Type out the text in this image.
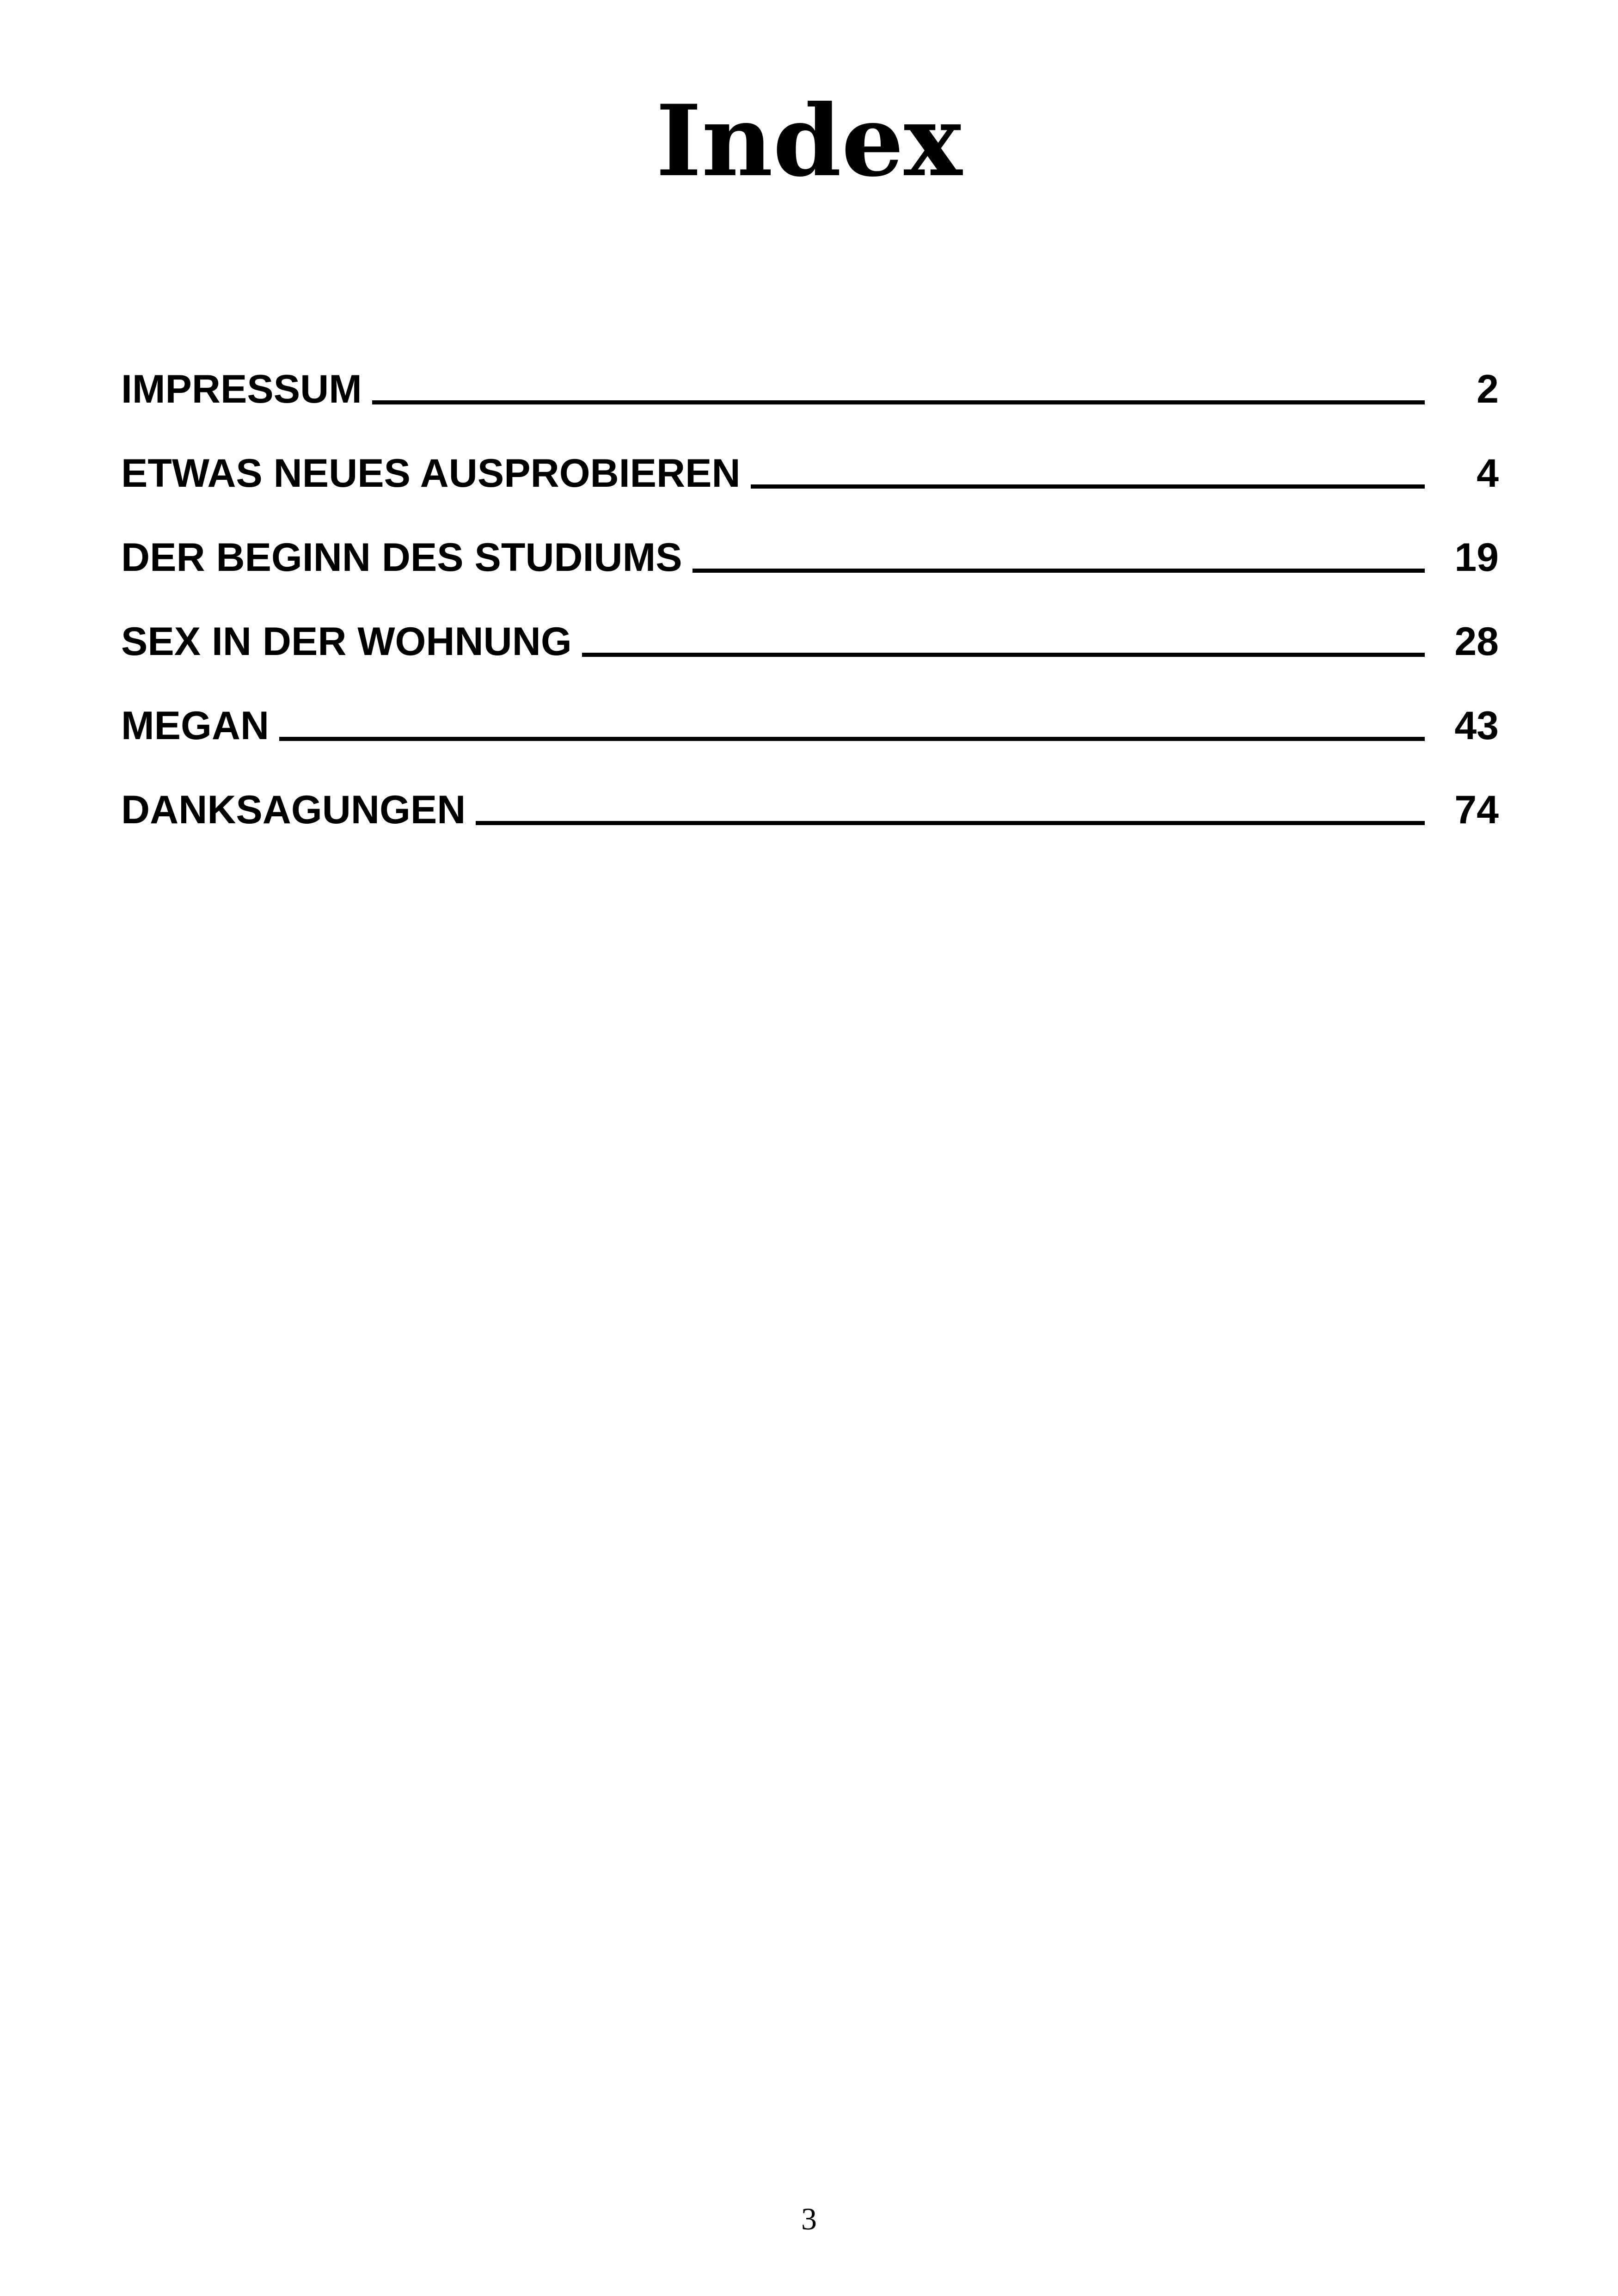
Index
IMPRESSUM	2
ETWAS NEUES AUSPROBIEREN	4
DER BEGINN DES STUDIUMS	19
SEX IN DER WOHNUNG	28
MEGAN	43
DANKSAGUNGEN	74
3
